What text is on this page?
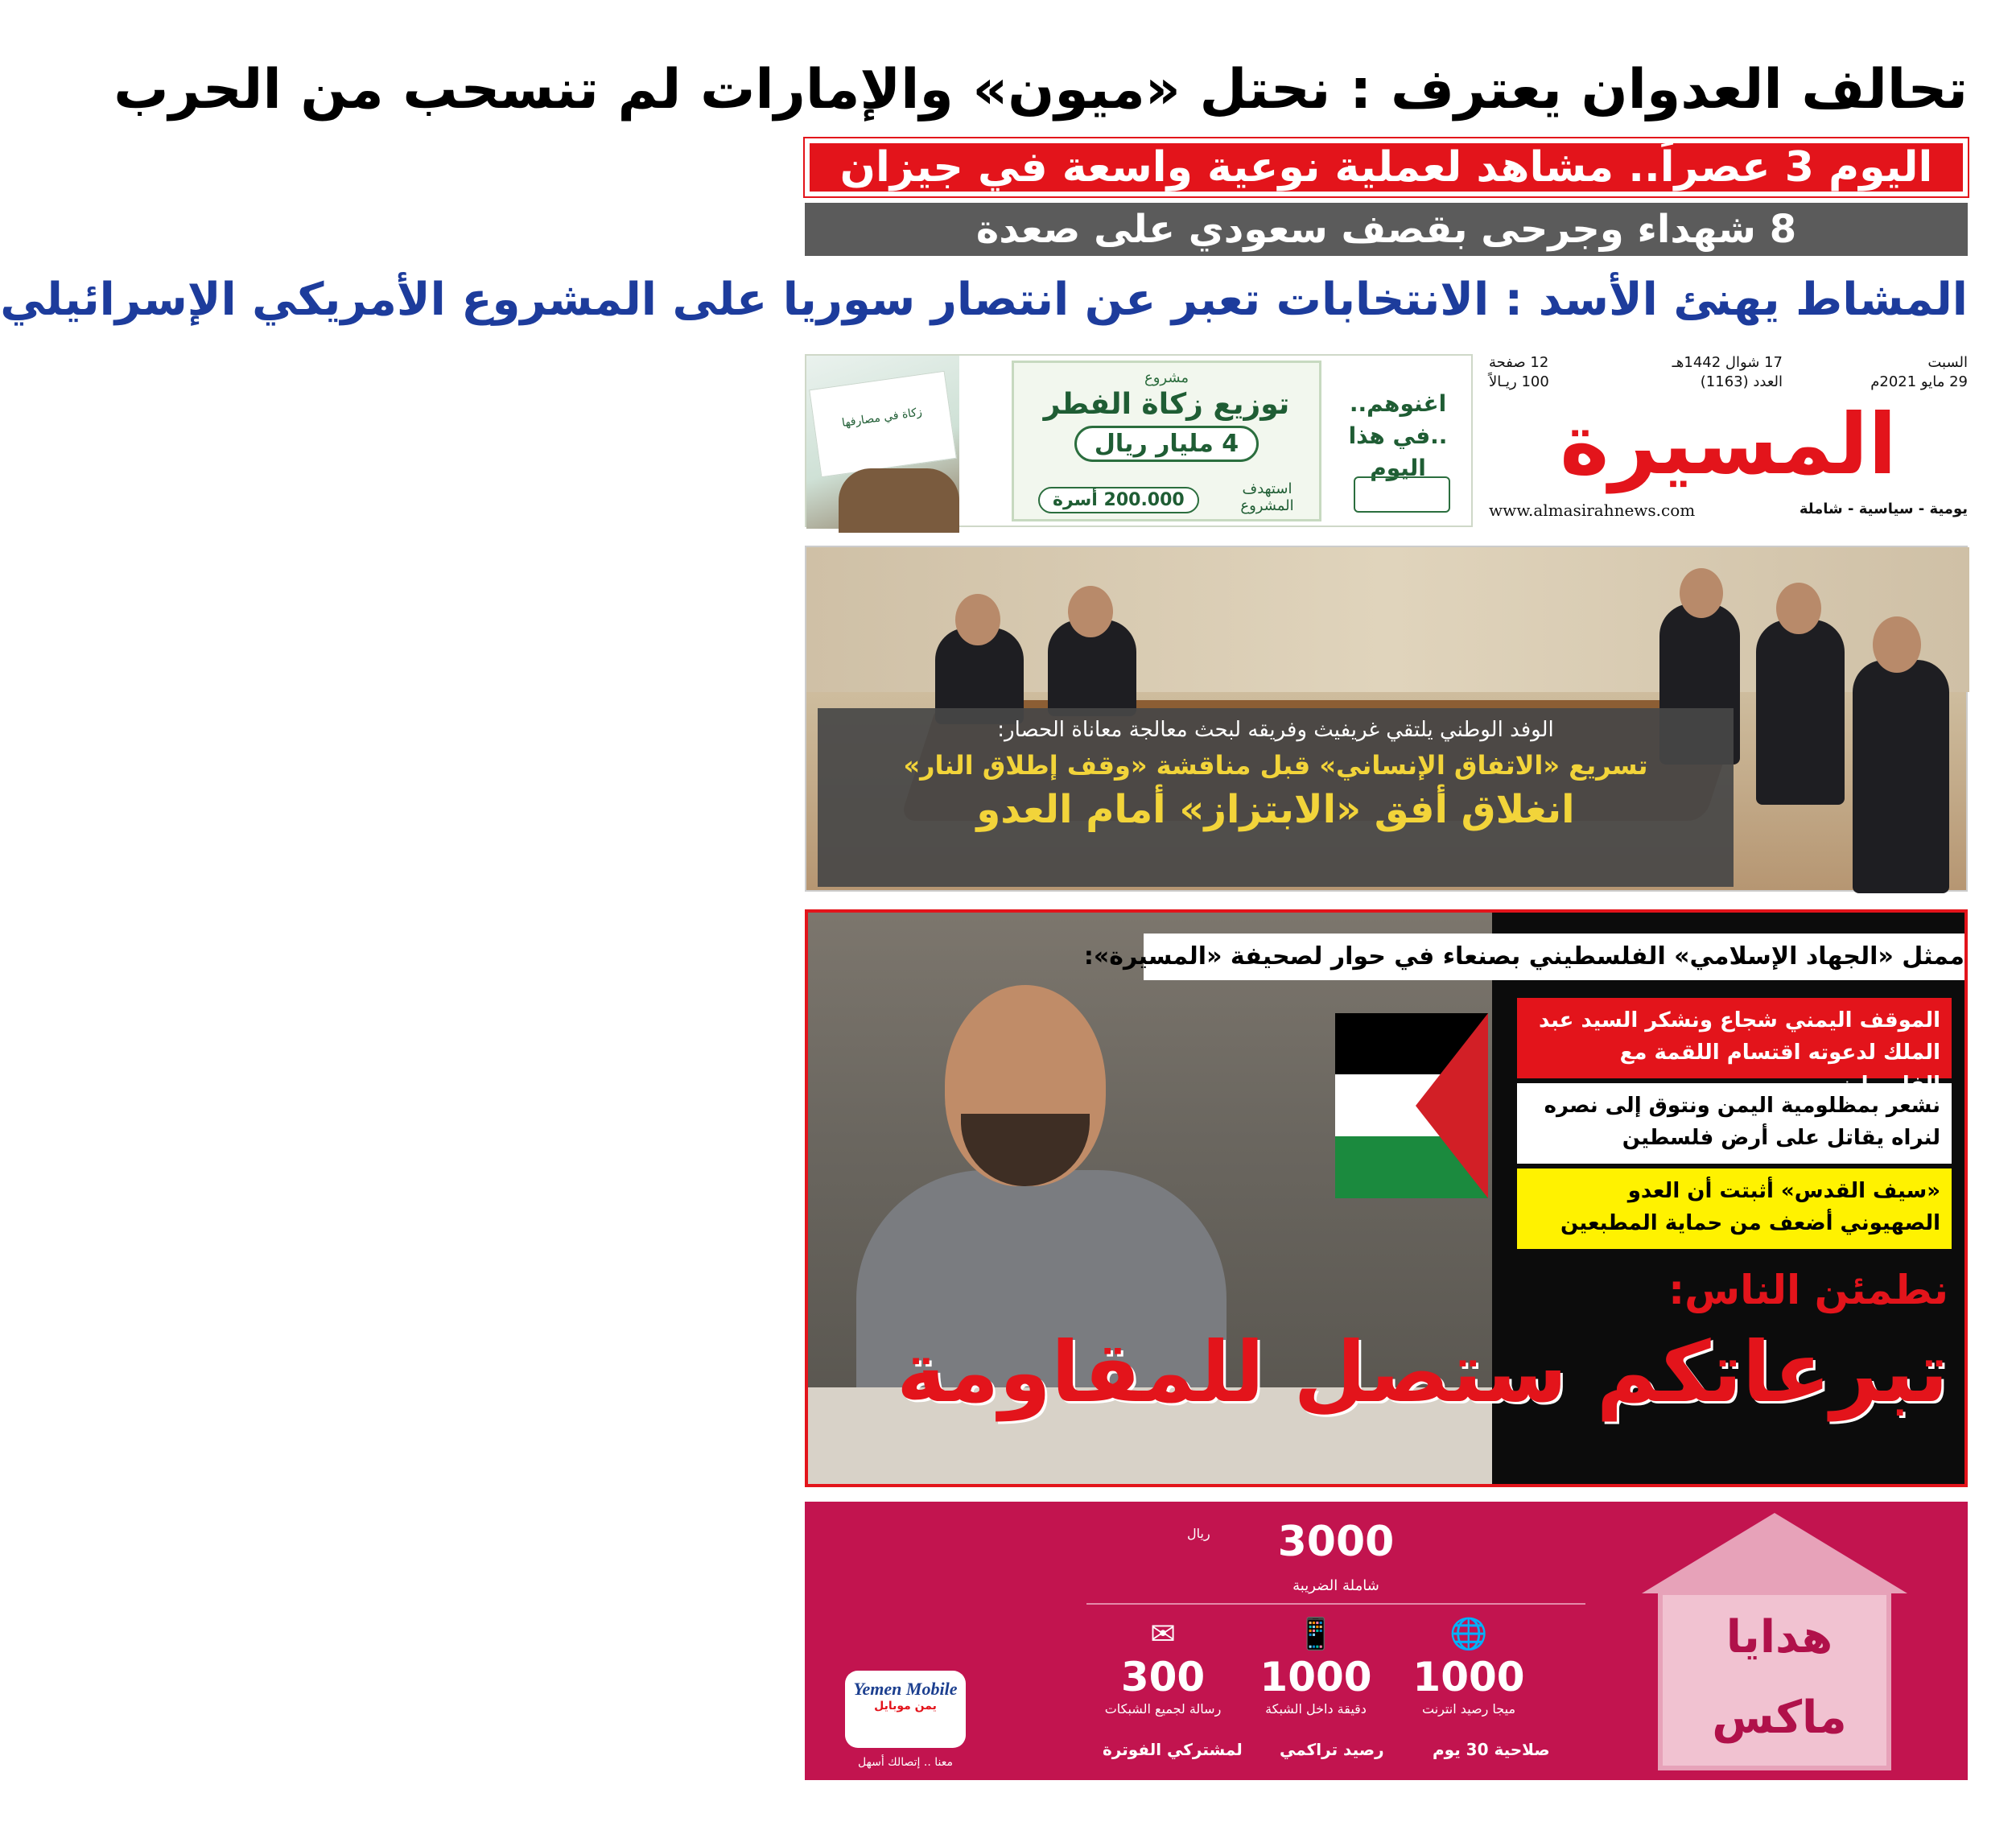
تحالف العدوان يعترف : نحتل «ميون» والإمارات لم تنسحب من الحرب
اليوم 3 عصراً.. مشاهد لعملية نوعية واسعة في جيزان
8 شهداء وجرحى بقصف سعودي على صعدة
المشاط يهنئ الأسد : الانتخابات تعبر عن انتصار سوريا على المشروع الأمريكي الإسرائيلي
زكاة في مصارفها
مشروع
توزيع زكاة الفطر
4 مليار ريال
استهدف المشروع
200.000 أسرة
اغنوهم..
..في هذا اليوم
السبت
29 مايو 2021م
17 شوال 1442هـ
العدد (1163)
12 صفحة
100 ريـالاً
المسيرة
www.almasirahnews.com	يومية - سياسية - شاملة
الوفد الوطني يلتقي غريفيث وفريقه لبحث معالجة معاناة الحصار:
تسريع «الاتفاق الإنساني» قبل مناقشة «وقف إطلاق النار»
انغلاق أفق «الابتزاز» أمام العدو
ممثل «الجهاد الإسلامي» الفلسطيني بصنعاء في حوار لصحيفة «المسيرة»:
الموقف اليمني شجاع ونشكر السيد عبد الملك لدعوته اقتسام اللقمة مع
نشعر بمظلومية اليمن ونتوق إلى نصره لنراه يقاتل على أرض فلسطين
«سيف القدس» أثبتت أن العدو الصهيوني أضعف من حماية المطبعين
نطمئن الناس:
تبرعاتكم ستصل للمقاومة
3000
ريال
شاملة الضريبة
🌐
1000
ميجا رصيد انترنت
📱
1000
دقيقة داخل الشبكة
✉
300
رسالة لجميع الشبكات
صلاحية 30 يوم
رصيد تراكمي
لمشتركي الفوترة
هدايا
ماكس
Yemen Mobile
يمن موبايل
معنا .. إتصالك أسهل
